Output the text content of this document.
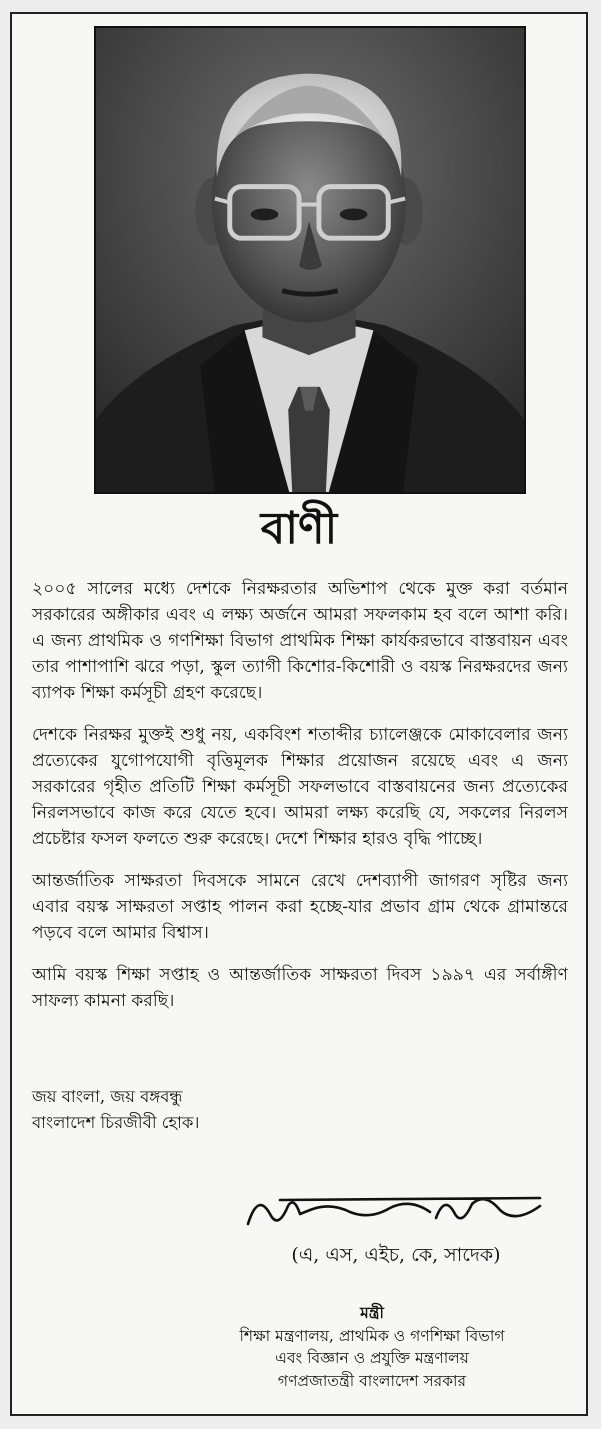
বাণী

২০০৫ সালের মধ্যে দেশকে নিরক্ষরতার অভিশাপ থেকে মুক্ত করা বর্তমান সরকারের অঙ্গীকার এবং এ লক্ষ্য অর্জনে আমরা সফলকাম হব বলে আশা করি। এ জন্য প্রাথমিক ও গণশিক্ষা বিভাগ প্রাথমিক শিক্ষা কার্যকরভাবে বাস্তবায়ন এবং তার পাশাপাশি ঝরে পড়া, স্কুল ত্যাগী কিশোর-কিশোরী ও বয়স্ক নিরক্ষরদের জন্য ব্যাপক শিক্ষা কর্মসূচী গ্রহণ করেছে।

দেশকে নিরক্ষর মুক্তই শুধু নয়, একবিংশ শতাব্দীর চ্যালেঞ্জকে মোকাবেলার জন্য প্রত্যেকের যুগোপযোগী বৃত্তিমূলক শিক্ষার প্রয়োজন রয়েছে এবং এ জন্য সরকারের গৃহীত প্রতিটি শিক্ষা কর্মসূচী সফলভাবে বাস্তবায়নের জন্য প্রত্যেকের নিরলসভাবে কাজ করে যেতে হবে। আমরা লক্ষ্য করেছি যে, সকলের নিরলস প্রচেষ্টার ফসল ফলতে শুরু করেছে। দেশে শিক্ষার হারও বৃদ্ধি পাচ্ছে।

আন্তর্জাতিক সাক্ষরতা দিবসকে সামনে রেখে দেশব্যাপী জাগরণ সৃষ্টির জন্য এবার বয়স্ক সাক্ষরতা সপ্তাহ পালন করা হচ্ছে-যার প্রভাব গ্রাম থেকে গ্রামান্তরে পড়বে বলে আমার বিশ্বাস।

আমি বয়স্ক শিক্ষা সপ্তাহ ও আন্তর্জাতিক সাক্ষরতা দিবস ১৯৯৭ এর সর্বাঙ্গীণ সাফল্য কামনা করছি।

জয় বাংলা, জয় বঙ্গবন্ধু
বাংলাদেশ চিরজীবী হোক।
(এ, এস, এইচ, কে, সাদেক)
মন্ত্রী
শিক্ষা মন্ত্রণালয়, প্রাথমিক ও গণশিক্ষা বিভাগ
এবং বিজ্ঞান ও প্রযুক্তি মন্ত্রণালয়
গণপ্রজাতন্ত্রী বাংলাদেশ সরকার
